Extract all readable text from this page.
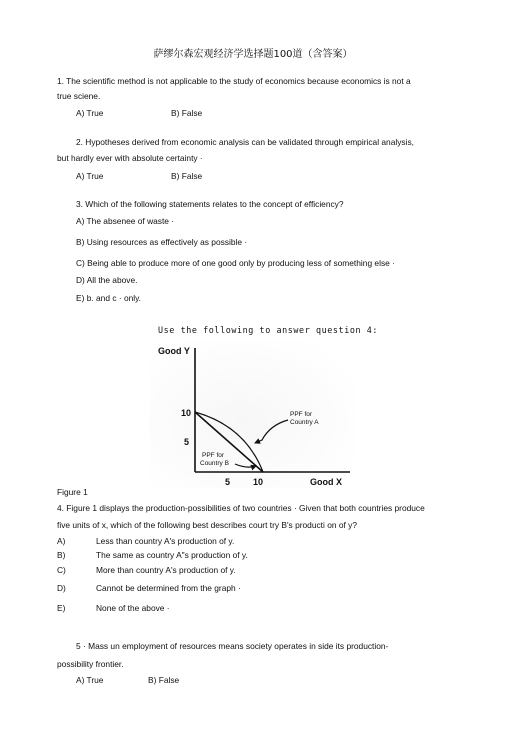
萨缪尔森宏观经济学选择题100道（含答案）
1. The scientific method is not applicable to the study of economics because economics is not a
true sciene.
A) True	B) False
2. Hypotheses derived from economic analysis can be validated through empirical analysis,
but hardly ever with absolute certainty ·
A) True	B) False
3. Which of the following statements relates to the concept of efficiency?
A) The absenee of waste ·
B) Using resources as effectively as possible ·
C) Being able to produce more of one good only by producing less of something else ·
D) All the above.
E) b. and c · only.
Use the following to answer question 4:
Good Y
Good X
10
5
5	10
PPF for
Country A
PPF for
Country B
Figure 1
4. Figure 1 displays the production-possibilities of two countries · Given that both countries produce
five units of x, which of the following best describes court try B's producti on of y?
A)	Less than country A's production of y.
B)	The same as country A"s production of y.
C)	More than country A's production of y.
D)	Cannot be determined from the graph ·
E)	None of the above ·
5 · Mass un employment of resources means society operates in side its production-
possibility frontier.
A) True	B) False
